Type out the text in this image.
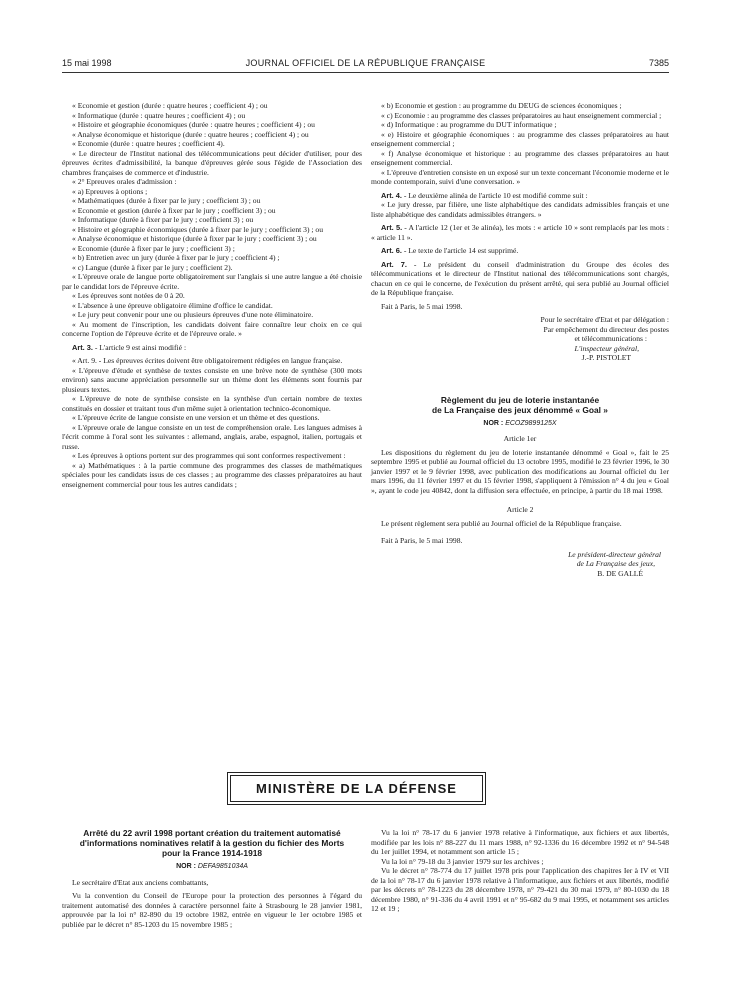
15 mai 1998	JOURNAL OFFICIEL DE LA RÉPUBLIQUE FRANÇAISE	7385

« Economie et gestion (durée : quatre heures ; coefficient 4) ; ou

« Informatique (durée : quatre heures ; coefficient 4) ; ou

« Histoire et géographie économiques (durée : quatre heures ; coefficient 4) ; ou

« Analyse économique et historique (durée : quatre heures ; coefficient 4) ; ou

« Economie (durée : quatre heures ; coefficient 4).

« Le directeur de l'Institut national des télécommunications peut décider d'utiliser, pour des épreuves écrites d'admissibilité, la banque d'épreuves gérée sous l'égide de l'Association des chambres françaises de commerce et d'industrie.

« 2° Epreuves orales d'admission :

« a) Epreuves à options ;

« Mathématiques (durée à fixer par le jury ; coefficient 3) ; ou

« Economie et gestion (durée à fixer par le jury ; coefficient 3) ; ou

« Informatique (durée à fixer par le jury ; coefficient 3) ; ou

« Histoire et géographie économiques (durée à fixer par le jury ; coefficient 3) ; ou

« Analyse économique et historique (durée à fixer par le jury ; coefficient 3) ; ou

« Economie (durée à fixer par le jury ; coefficient 3) ;

« b) Entretien avec un jury (durée à fixer par le jury ; coefficient 4) ;

« c) Langue (durée à fixer par le jury ; coefficient 2).

« L'épreuve orale de langue porte obligatoirement sur l'anglais si une autre langue a été choisie par le candidat lors de l'épreuve écrite.

« Les épreuves sont notées de 0 à 20.

« L'absence à une épreuve obligatoire élimine d'office le candidat.

« Le jury peut convenir pour une ou plusieurs épreuves d'une note éliminatoire.

« Au moment de l'inscription, les candidats doivent faire connaître leur choix en ce qui concerne l'option de l'épreuve écrite et de l'épreuve orale. »

Art. 3. - L'article 9 est ainsi modifié :

« Art. 9. - Les épreuves écrites doivent être obligatoirement rédigées en langue française.

« L'épreuve d'étude et synthèse de textes consiste en une brève note de synthèse (300 mots environ) sans aucune appréciation personnelle sur un thème dont les éléments sont fournis par plusieurs textes.

« L'épreuve de note de synthèse consiste en la synthèse d'un certain nombre de textes constitués en dossier et traitant tous d'un même sujet à orientation technico-économique.

« L'épreuve écrite de langue consiste en une version et un thème et des questions.

« L'épreuve orale de langue consiste en un test de compréhension orale. Les langues admises à l'écrit comme à l'oral sont les suivantes : allemand, anglais, arabe, espagnol, italien, portugais et russe.

« Les épreuves à options portent sur des programmes qui sont conformes respectivement :

« a) Mathématiques : à la partie commune des programmes des classes de mathématiques spéciales pour les candidats issus de ces classes ; au programme des classes préparatoires au haut enseignement commercial pour tous les autres candidats ;

« b) Economie et gestion : au programme du DEUG de sciences économiques ;

« c) Economie : au programme des classes préparatoires au haut enseignement commercial ;

« d) Informatique : au programme du DUT informatique ;

« e) Histoire et géographie économiques : au programme des classes préparatoires au haut enseignement commercial ;

« f) Analyse économique et historique : au programme des classes préparatoires au haut enseignement commercial.

« L'épreuve d'entretien consiste en un exposé sur un texte concernant l'économie moderne et le monde contemporain, suivi d'une conversation. »

Art. 4. - Le deuxième alinéa de l'article 10 est modifié comme suit :

« Le jury dresse, par filière, une liste alphabétique des candidats admissibles français et une liste alphabétique des candidats admissibles étrangers. »

Art. 5. - A l'article 12 (1er et 3e alinéa), les mots : « article 10 » sont remplacés par les mots : « article 11 ».

Art. 6. - Le texte de l'article 14 est supprimé.

Art. 7. - Le président du conseil d'administration du Groupe des écoles des télécommunications et le directeur de l'Institut national des télécommunications sont chargés, chacun en ce qui le concerne, de l'exécution du présent arrêté, qui sera publié au Journal officiel de la République française.

Fait à Paris, le 5 mai 1998.

Pour le secrétaire d'Etat et par délégation :

Par empêchement du directeur des postes

et télécommunications :

L'inspecteur général,

J.-P. PISTOLET

Règlement du jeu de loterie instantanée

de La Française des jeux dénommé « Goal »

NOR : ECOZ9899125X

Article 1er

Les dispositions du règlement du jeu de loterie instantanée dénommé « Goal », fait le 25 septembre 1995 et publié au Journal officiel du 13 octobre 1995, modifié le 23 février 1996, le 30 janvier 1997 et le 9 février 1998, avec publication des modifications au Journal officiel du 1er mars 1996, du 11 février 1997 et du 15 février 1998, s'appliquent à l'émission n° 4 du jeu « Goal », ayant le code jeu 40842, dont la diffusion sera effectuée, en principe, à partir du 18 mai 1998.

Article 2

Le présent règlement sera publié au Journal officiel de la République française.

Fait à Paris, le 5 mai 1998.

Le président-directeur général

de La Française des jeux,

B. DE GALLÉ

MINISTÈRE DE LA DÉFENSE

Arrêté du 22 avril 1998 portant création du traitement automatisé d'informations nominatives relatif à la gestion du fichier des Morts pour la France 1914-1918

NOR : DEFA9851034A

Le secrétaire d'Etat aux anciens combattants,

Vu la convention du Conseil de l'Europe pour la protection des personnes à l'égard du traitement automatisé des données à caractère personnel faite à Strasbourg le 28 janvier 1981, approuvée par la loi n° 82-890 du 19 octobre 1982, entrée en vigueur le 1er octobre 1985 et publiée par le décret n° 85-1203 du 15 novembre 1985 ;

Vu la loi n° 78-17 du 6 janvier 1978 relative à l'informatique, aux fichiers et aux libertés, modifiée par les lois n° 88-227 du 11 mars 1988, n° 92-1336 du 16 décembre 1992 et n° 94-548 du 1er juillet 1994, et notamment son article 15 ;

Vu la loi n° 79-18 du 3 janvier 1979 sur les archives ;

Vu le décret n° 78-774 du 17 juillet 1978 pris pour l'application des chapitres Ier à IV et VII de la loi n° 78-17 du 6 janvier 1978 relative à l'informatique, aux fichiers et aux libertés, modifié par les décrets n° 78-1223 du 28 décembre 1978, n° 79-421 du 30 mai 1979, n° 80-1030 du 18 décembre 1980, n° 91-336 du 4 avril 1991 et n° 95-682 du 9 mai 1995, et notamment ses articles 12 et 19 ;
